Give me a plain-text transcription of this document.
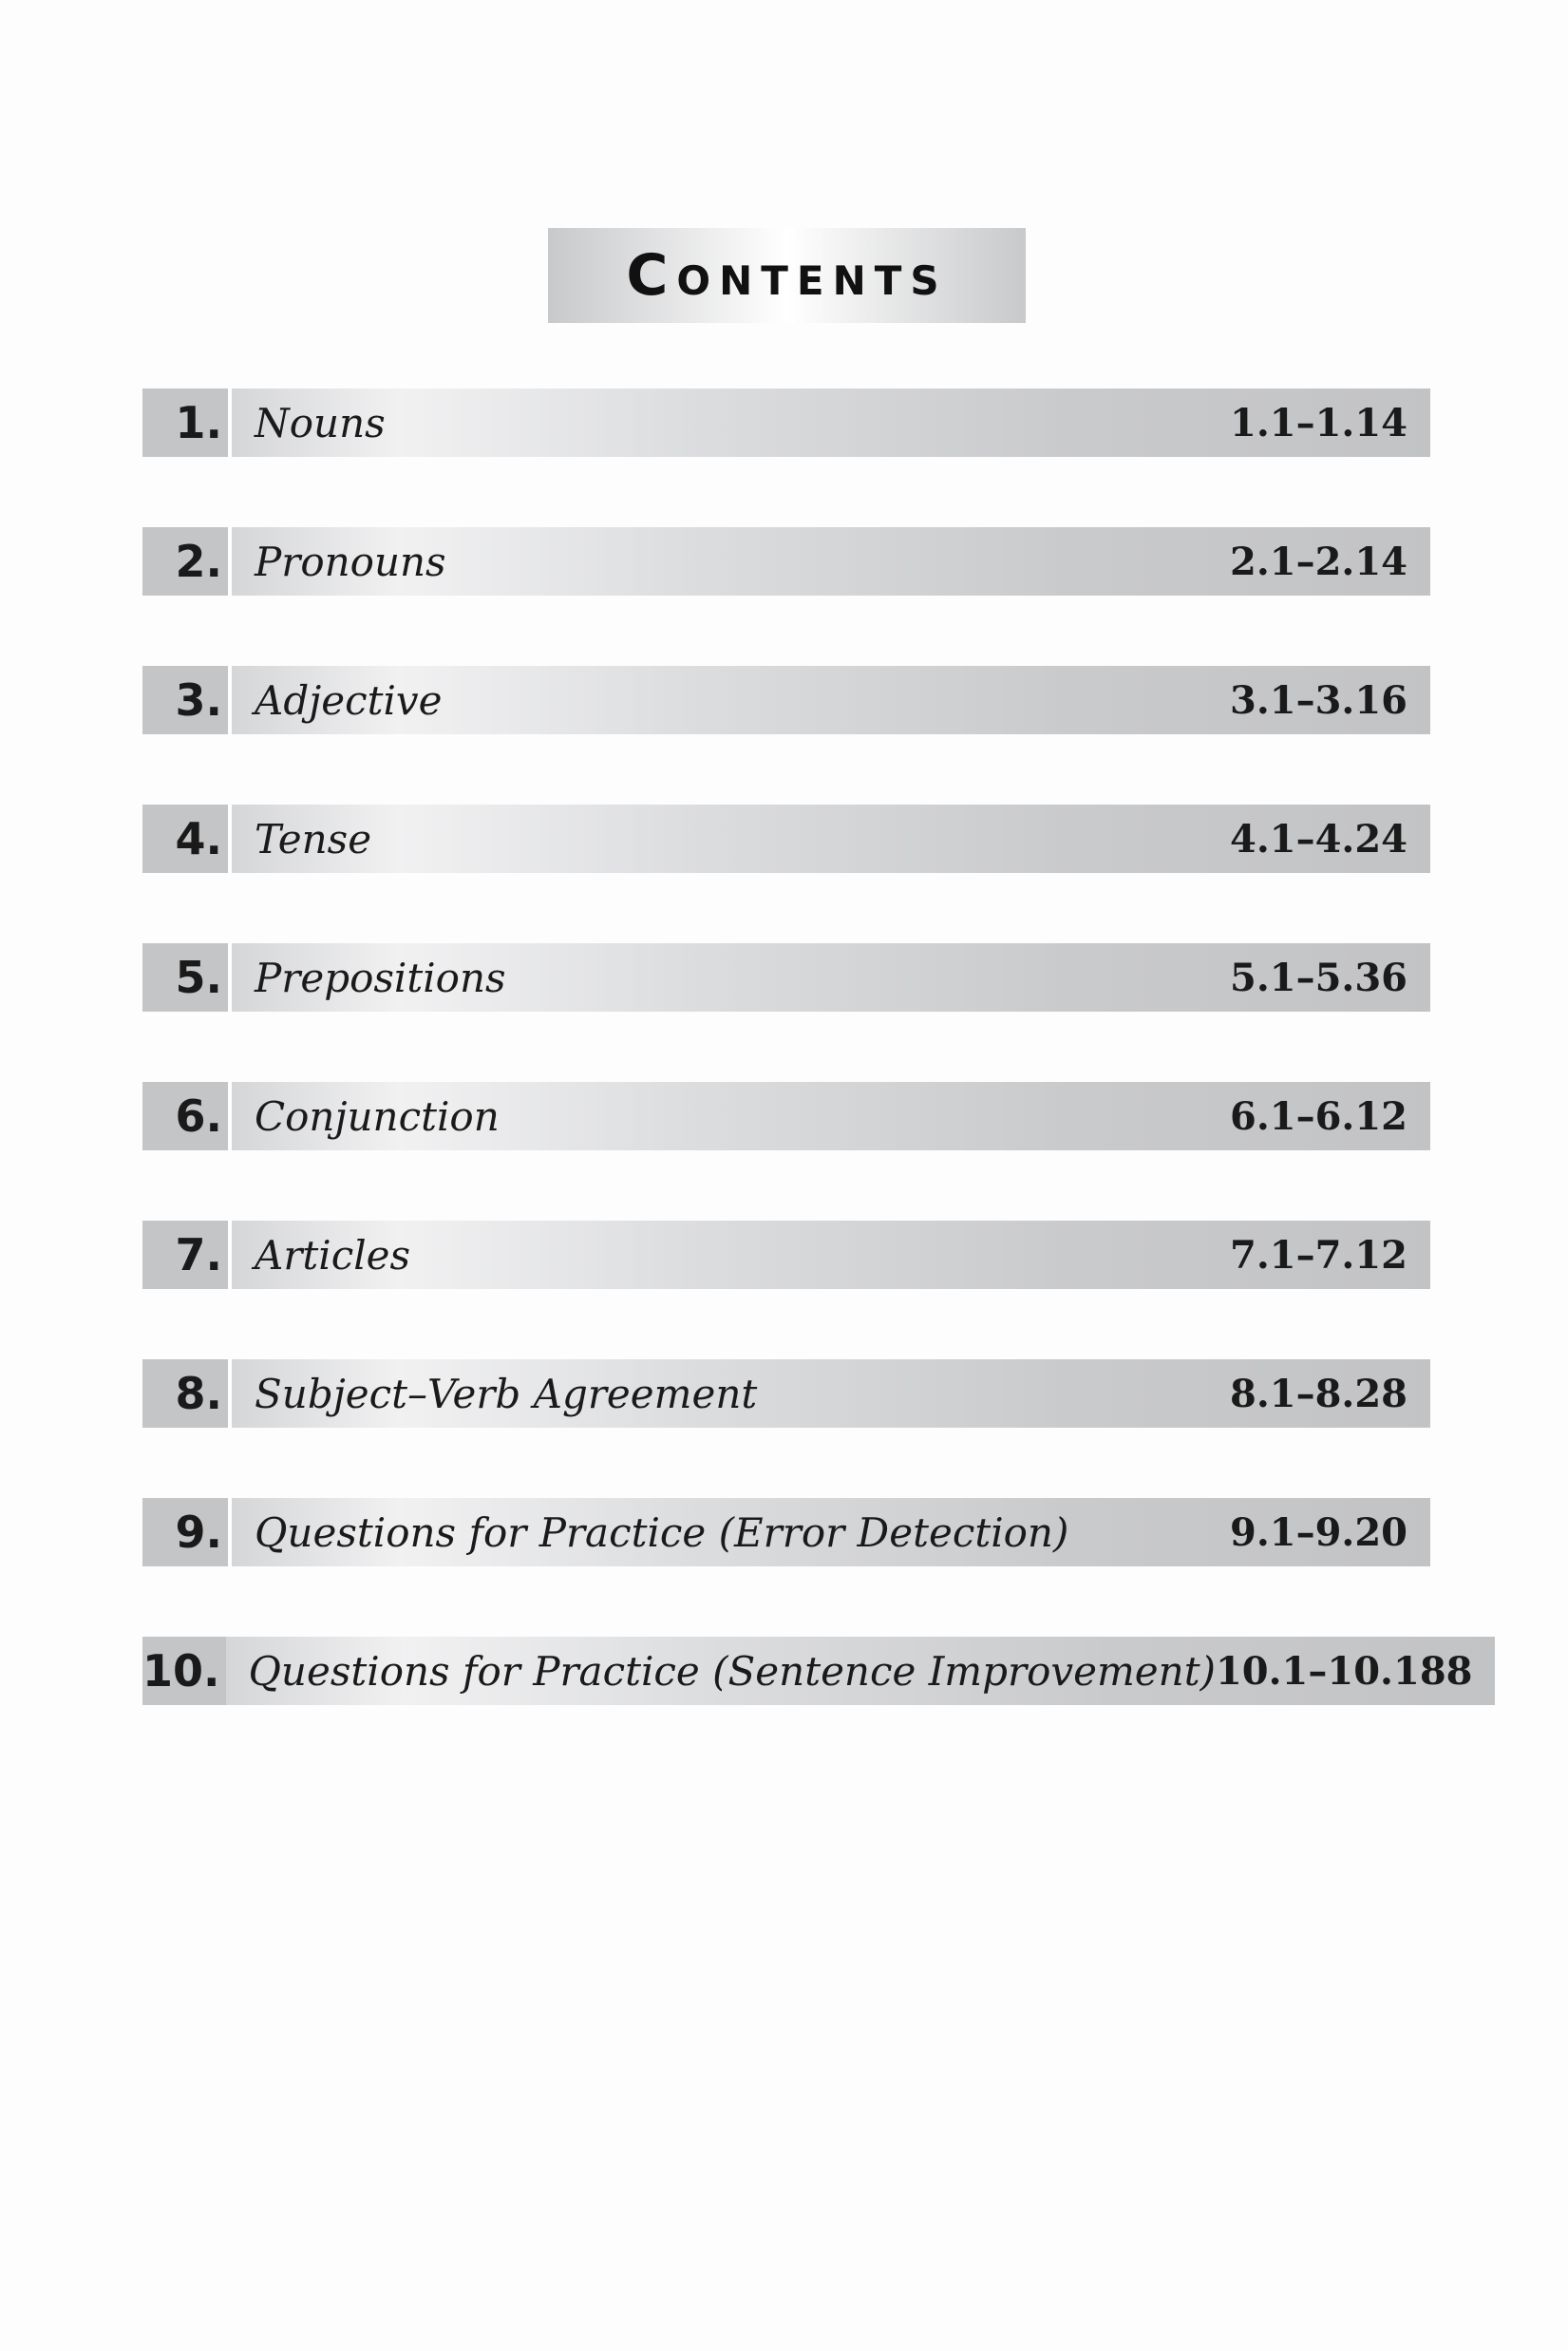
Contents
1. Nouns	1.1–1.14
2. Pronouns	2.1–2.14
3. Adjective	3.1–3.16
4. Tense	4.1–4.24
5. Prepositions	5.1–5.36
6. Conjunction	6.1–6.12
7. Articles	7.1–7.12
8. Subject–Verb Agreement	8.1–8.28
9. Questions for Practice (Error Detection)	9.1–9.20
10. Questions for Practice (Sentence Improvement) 10.1–10.188
